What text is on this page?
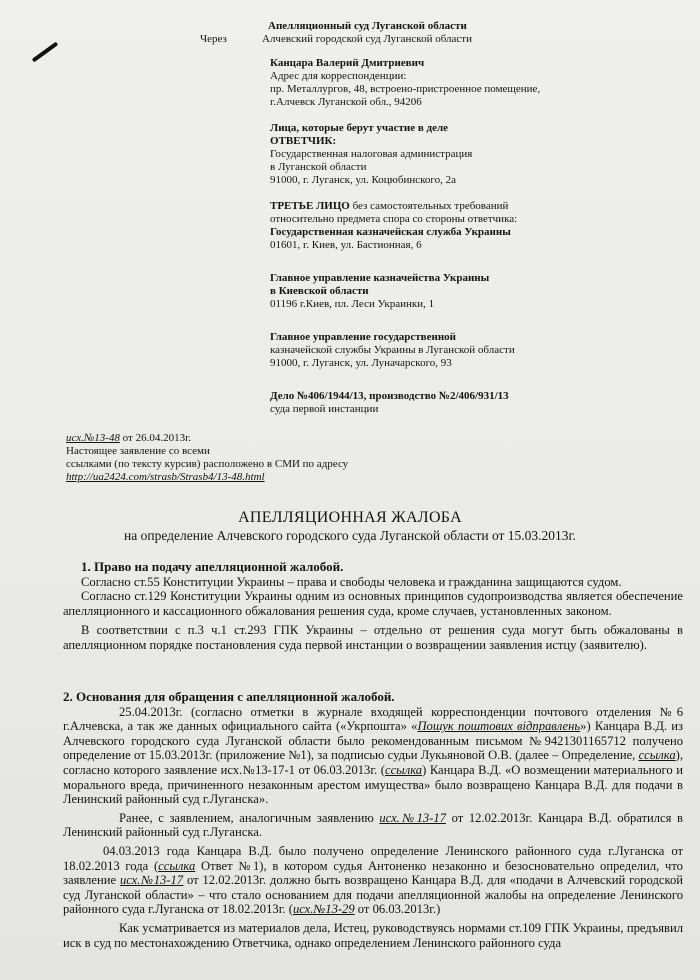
Апелляционный суд Луганской области
Через	Алчевский городской суд Луганской области
Канцара Валерий Дмитриевич
Адрес для корреспонденции:
пр. Металлургов, 48, встроено-пристроенное помещение,
г.Алчевск Луганской обл., 94206
Лица, которые берут участие в деле
ОТВЕТЧИК:
Государственная налоговая администрация
в Луганской области
91000, г. Луганск, ул. Коцюбинского, 2а
ТРЕТЬЕ ЛИЦО без самостоятельных требований
относительно предмета спора со стороны ответчика:
Государственная казначейская служба Украины
01601, г. Киев, ул. Бастионная, 6
Главное управление казначейства Украины
в Киевской области
01196 г.Киев, пл. Леси Украинки, 1
Главное управление государственной
казначейской службы Украины в Луганской области
91000, г. Луганск, ул. Луначарского, 93
Дело №406/1944/13, производство №2/406/931/13
суда первой инстанции
исх.№13-48 от 26.04.2013г.
Настоящее заявление со всеми
ссылками (по тексту курсив) расположено в СМИ по адресу
http://ua2424.com/strasb/Strasb4/13-48.html
АПЕЛЛЯЦИОННАЯ ЖАЛОБА
на определение Алчевского городского суда Луганской области от 15.03.2013г.

1. Право на подачу апелляционной жалобой.

Согласно ст.55 Конституции Украины – права и свободы человека и гражданина защищаются судом.

Согласно ст.129 Конституции Украины одним из основных принципов судопроизводства является обеспечение апелляционного и кассационного обжалования решения суда, кроме случаев, установленных законом.

В соответствии с п.3 ч.1 ст.293 ГПК Украины – отдельно от решения суда могут быть обжалованы в апелляционном порядке постановления суда первой инстанции о возвращении заявления истцу (заявителю).

2. Основания для обращения с апелляционной жалобой.

25.04.2013г. (согласно отметки в журнале входящей корреспонденции почтового отделения №6 г.Алчевска, а так же данных официального сайта («Укрпошта» «Пошук поштових відправлень») Канцара В.Д. из Алчевского городского суда Луганской области было рекомендованным письмом №9421301165712 получено определение от 15.03.2013г. (приложение №1), за подписью судьи Лукьяновой О.В. (далее – Определение, ссылка), согласно которого заявление исх.№13-17-1 от 06.03.2013г. (ссылка) Канцара В.Д. «О возмещении материального и морального вреда, причиненного незаконным арестом имущества» было возвращено Канцара В.Д. для подачи в Ленинский районный суд г.Луганска».

Ранее, с заявлением, аналогичным заявлению исх.№13-17 от 12.02.2013г. Канцара В.Д. обратился в Ленинский районный суд г.Луганска.

04.03.2013 года Канцара В.Д. было получено определение Ленинского районного суда г.Луганска от 18.02.2013 года (ссылка Ответ №1), в котором судья Антоненко незаконно и безосновательно определил, что заявление исх.№13-17 от 12.02.2013г. должно быть возвращено Канцара В.Д. для «подачи в Алчевский городской суд Луганской области» – что стало основанием для подачи апелляционной жалобы на определение Ленинского районного суда г.Луганска от 18.02.2013г. (исх.№13-29 от 06.03.2013г.)

Как усматривается из материалов дела, Истец, руководствуясь нормами ст.109 ГПК Украины, предъявил иск в суд по местонахождению Ответчика, однако определением Ленинского районного суда
